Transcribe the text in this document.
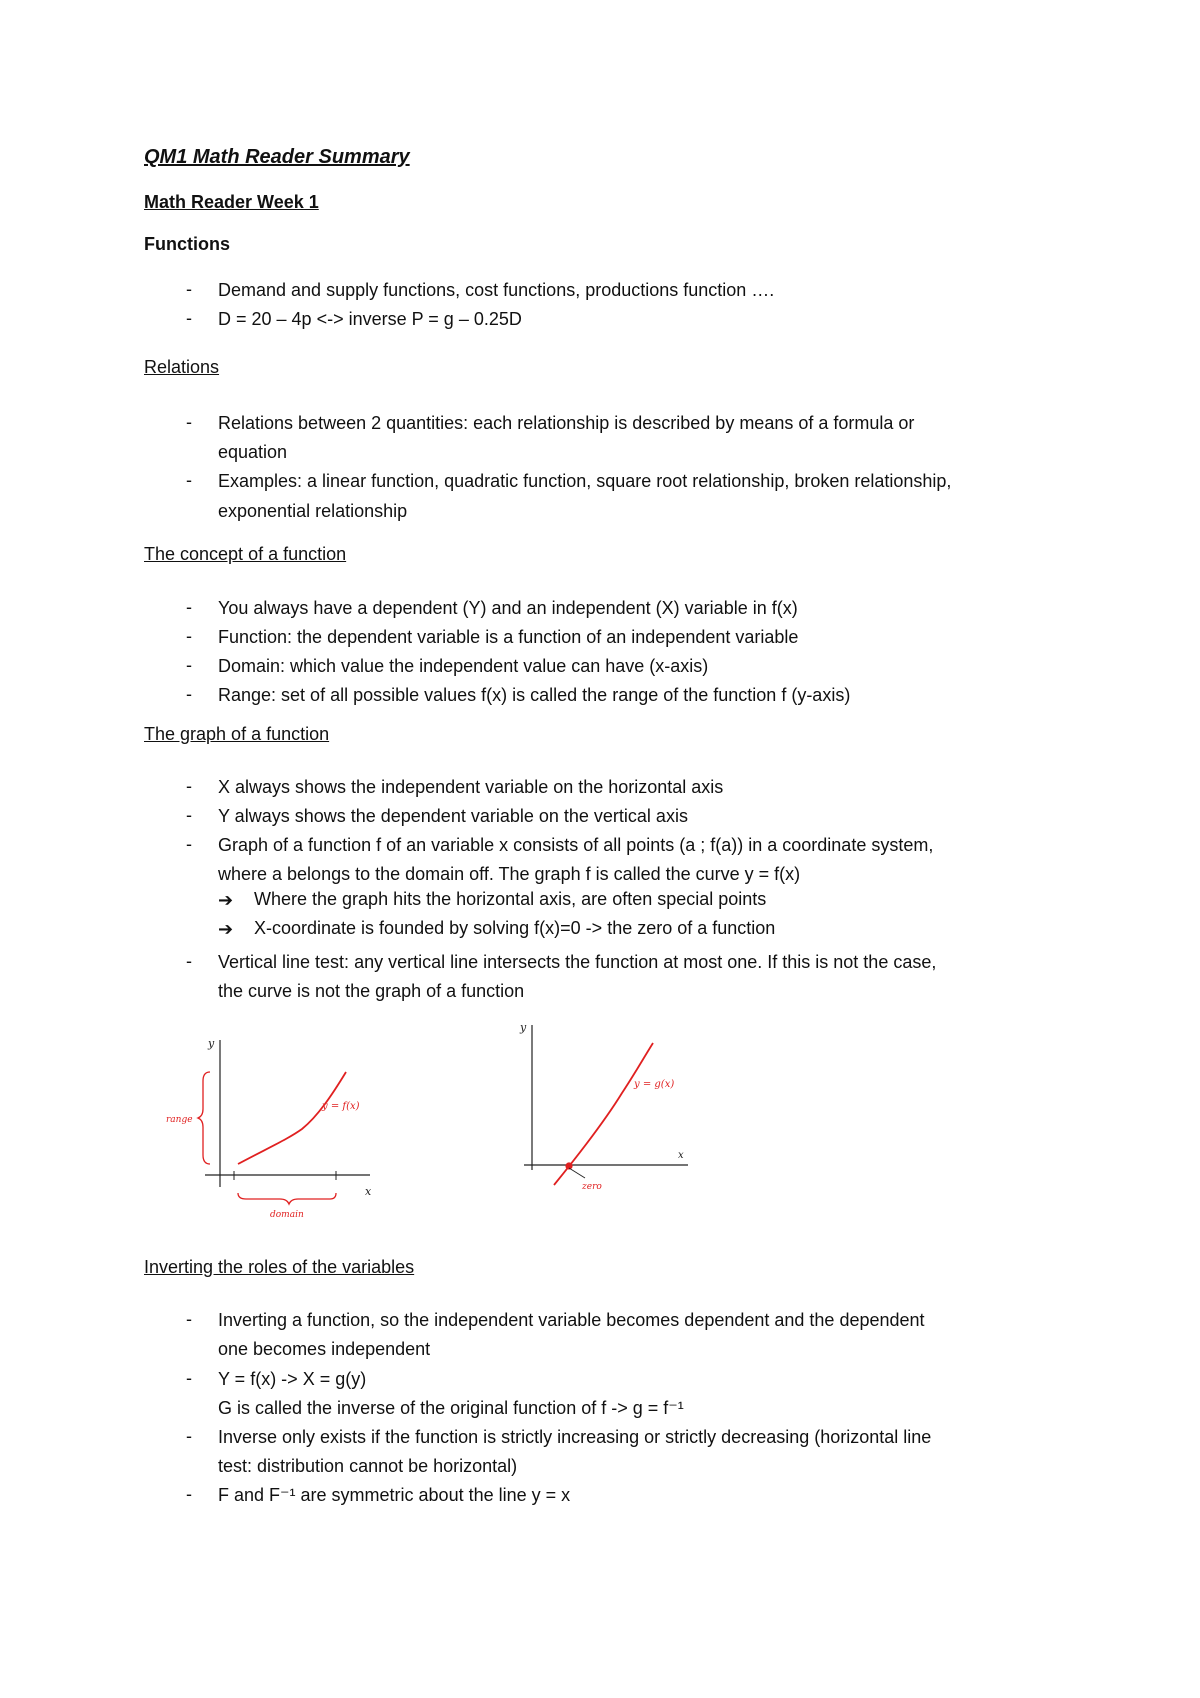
QM1 Math Reader Summary
Math Reader Week 1
Functions
- Demand and supply functions, cost functions, productions function ….
- D = 20 – 4p <-> inverse P = g – 0.25D
Relations
- Relations between 2 quantities: each relationship is described by means of a formula or
equation
- Examples: a linear function, quadratic function, square root relationship, broken relationship,
exponential relationship
The concept of a function
- You always have a dependent (Y) and an independent (X) variable in f(x)
- Function: the dependent variable is a function of an independent variable
- Domain: which value the independent value can have (x-axis)
- Range: set of all possible values f(x) is called the range of the function f (y-axis)
The graph of a function
- X always shows the independent variable on the horizontal axis
- Y always shows the dependent variable on the vertical axis
- Graph of a function f of an variable x consists of all points (a ; f(a)) in a coordinate system,
where a belongs to the domain off. The graph f is called the curve y = f(x)
➔ Where the graph hits the horizontal axis, are often special points
➔ X-coordinate is founded by solving f(x)=0 -> the zero of a function
- Vertical line test: any vertical line intersects the function at most one. If this is not the case,
the curve is not the graph of a function
y
x
y = f(x)
range
domain
y
x
y = g(x)
zero
Inverting the roles of the variables
- Inverting a function, so the independent variable becomes dependent and the dependent
one becomes independent
- Y = f(x) -> X = g(y)
G is called the inverse of the original function of f -> g = f⁻¹
- Inverse only exists if the function is strictly increasing or strictly decreasing (horizontal line
test: distribution cannot be horizontal)
- F and F⁻¹ are symmetric about the line y = x
